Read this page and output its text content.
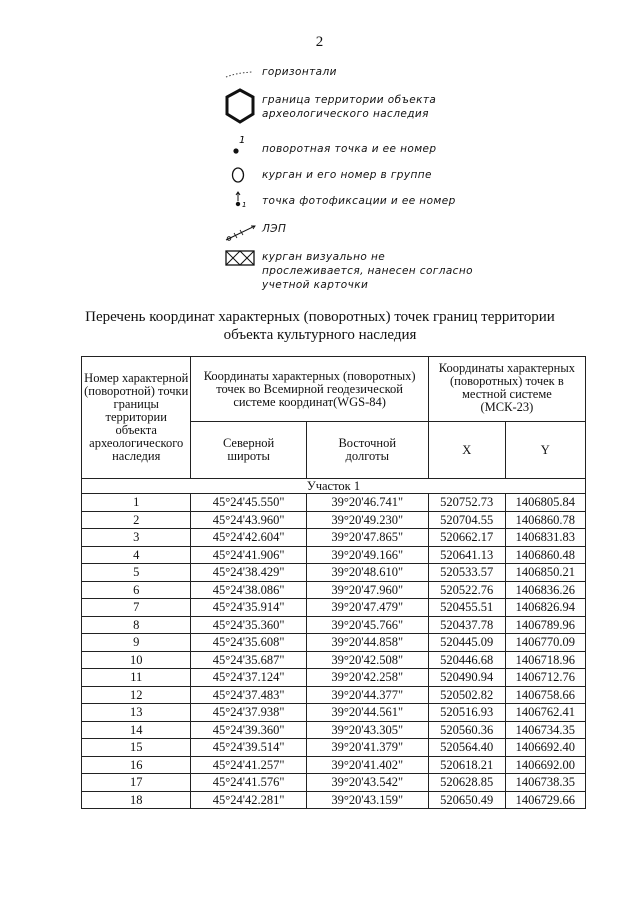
2
горизонтали
граница территории объекта
археологического наследия
1
поворотная точка и ее номер
курган и его номер в группе
1 точка фотофиксации и ее номер
ЛЭП
курган визуально не
прослеживается, нанесен согласно
учетной карточки
Перечень координат характерных (поворотных) точек границ территории
объекта культурного наследия
Номер характерной (поворотной) точки границы территории объекта археологического наследия	Координаты характерных (поворотных) точек во Всемирной геодезической системе координат(WGS-84)		Координаты характерных (поворотных) точек в местной системе (МСК-23)	
	Северной широты	Восточной долготы	X	Y
Участок 1				
1	45°24'45.550"	39°20'46.741"	520752.73	1406805.84
2	45°24'43.960"	39°20'49.230"	520704.55	1406860.78
3	45°24'42.604"	39°20'47.865"	520662.17	1406831.83
4	45°24'41.906"	39°20'49.166"	520641.13	1406860.48
5	45°24'38.429"	39°20'48.610"	520533.57	1406850.21
6	45°24'38.086"	39°20'47.960"	520522.76	1406836.26
7	45°24'35.914"	39°20'47.479"	520455.51	1406826.94
8	45°24'35.360"	39°20'45.766"	520437.78	1406789.96
9	45°24'35.608"	39°20'44.858"	520445.09	1406770.09
10	45°24'35.687"	39°20'42.508"	520446.68	1406718.96
11	45°24'37.124"	39°20'42.258"	520490.94	1406712.76
12	45°24'37.483"	39°20'44.377"	520502.82	1406758.66
13	45°24'37.938"	39°20'44.561"	520516.93	1406762.41
14	45°24'39.360"	39°20'43.305"	520560.36	1406734.35
15	45°24'39.514"	39°20'41.379"	520564.40	1406692.40
16	45°24'41.257"	39°20'41.402"	520618.21	1406692.00
17	45°24'41.576"	39°20'43.542"	520628.85	1406738.35
18	45°24'42.281"	39°20'43.159"	520650.49	1406729.66
